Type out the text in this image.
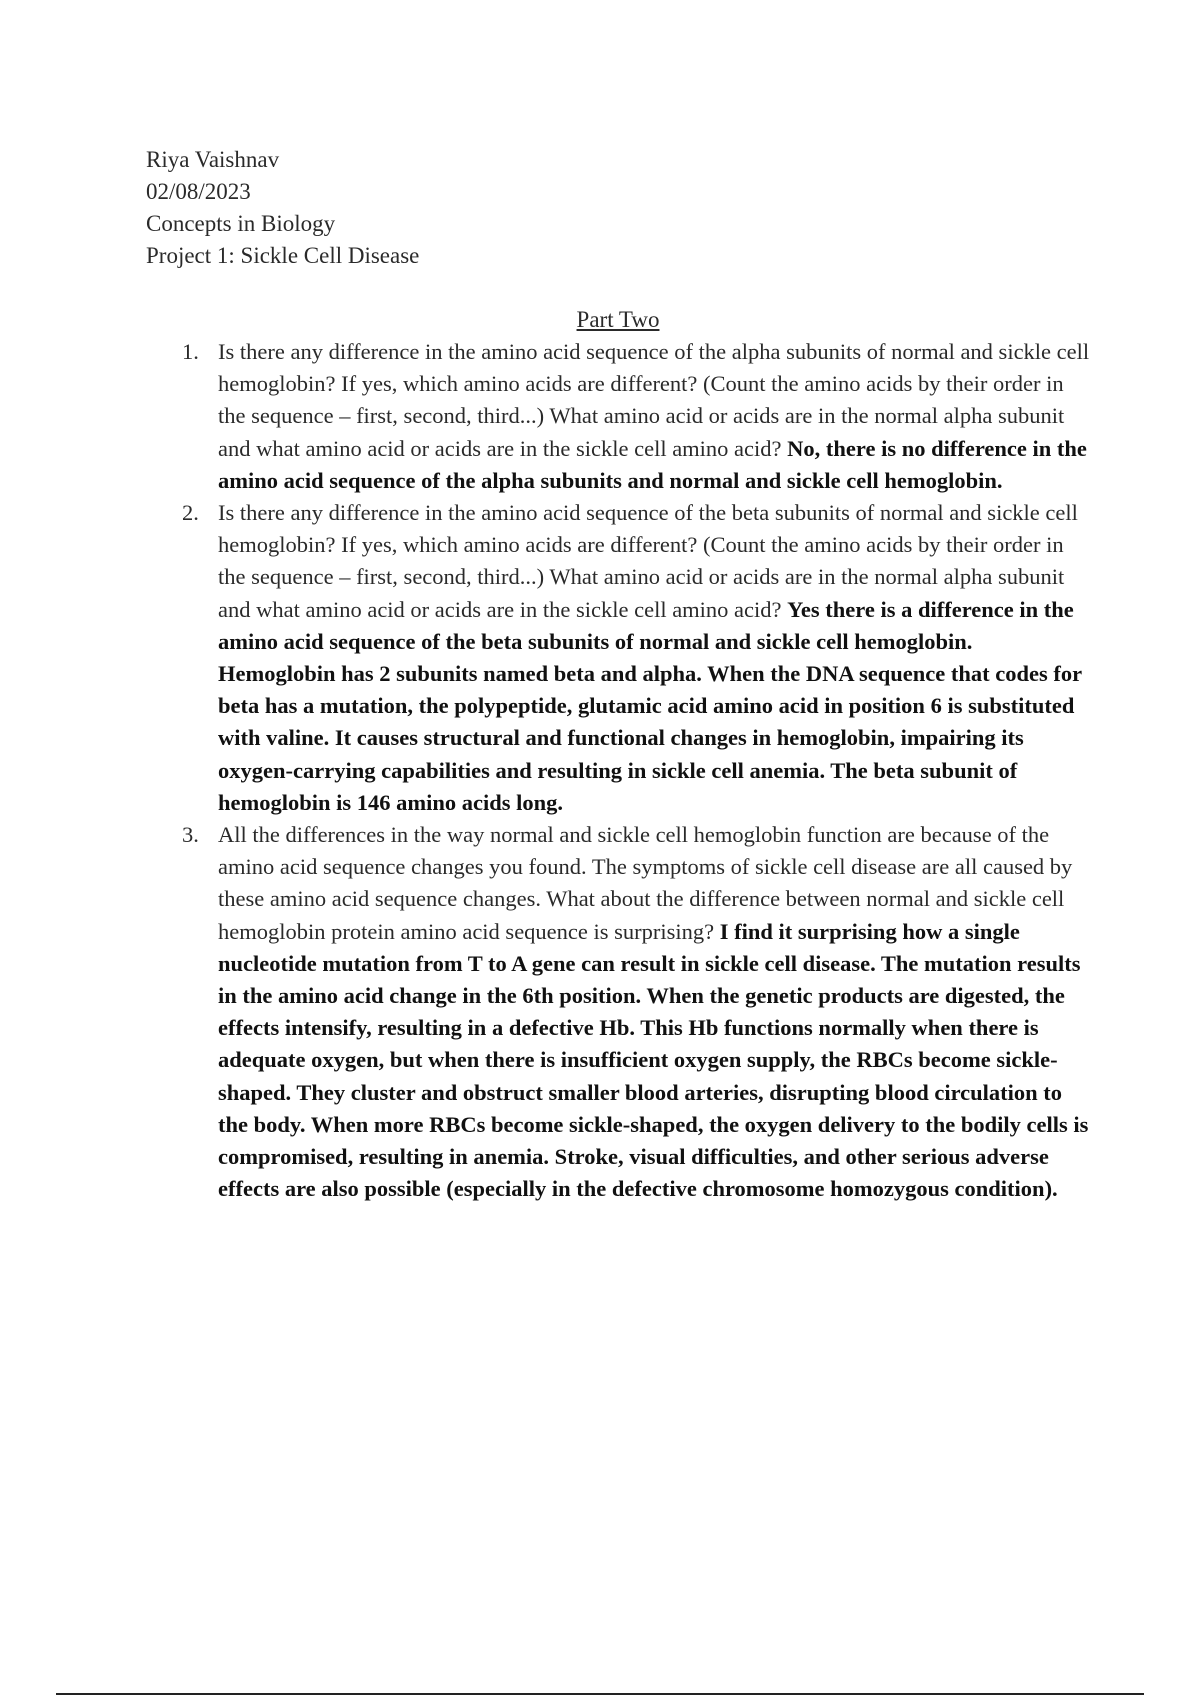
Riya Vaishnav
02/08/2023
Concepts in Biology
Project 1: Sickle Cell Disease
Part Two
1. Is there any difference in the amino acid sequence of the alpha subunits of normal and sickle cell hemoglobin? If yes, which amino acids are different? (Count the amino acids by their order in the sequence – first, second, third...) What amino acid or acids are in the normal alpha subunit and what amino acid or acids are in the sickle cell amino acid? No, there is no difference in the amino acid sequence of the alpha subunits and normal and sickle cell hemoglobin.
2. Is there any difference in the amino acid sequence of the beta subunits of normal and sickle cell hemoglobin? If yes, which amino acids are different? (Count the amino acids by their order in the sequence – first, second, third...) What amino acid or acids are in the normal alpha subunit and what amino acid or acids are in the sickle cell amino acid? Yes there is a difference in the amino acid sequence of the beta subunits of normal and sickle cell hemoglobin. Hemoglobin has 2 subunits named beta and alpha. When the DNA sequence that codes for beta has a mutation, the polypeptide, glutamic acid amino acid in position 6 is substituted with valine. It causes structural and functional changes in hemoglobin, impairing its oxygen-carrying capabilities and resulting in sickle cell anemia. The beta subunit of hemoglobin is 146 amino acids long.
3. All the differences in the way normal and sickle cell hemoglobin function are because of the amino acid sequence changes you found. The symptoms of sickle cell disease are all caused by these amino acid sequence changes. What about the difference between normal and sickle cell hemoglobin protein amino acid sequence is surprising? I find it surprising how a single nucleotide mutation from T to A gene can result in sickle cell disease. The mutation results in the amino acid change in the 6th position. When the genetic products are digested, the effects intensify, resulting in a defective Hb. This Hb functions normally when there is adequate oxygen, but when there is insufficient oxygen supply, the RBCs become sickle-shaped. They cluster and obstruct smaller blood arteries, disrupting blood circulation to the body. When more RBCs become sickle-shaped, the oxygen delivery to the bodily cells is compromised, resulting in anemia. Stroke, visual difficulties, and other serious adverse effects are also possible (especially in the defective chromosome homozygous condition).
